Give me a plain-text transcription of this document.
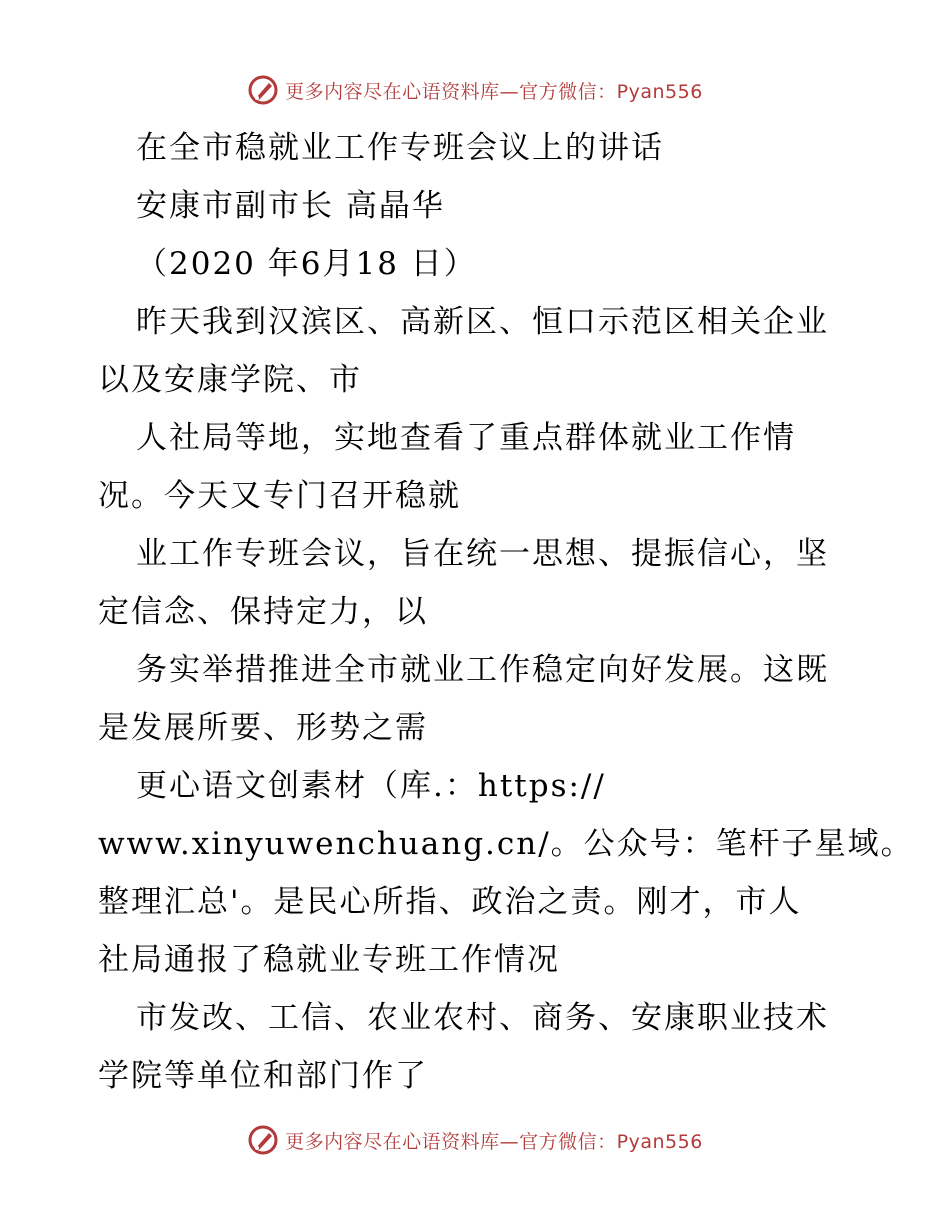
更多内容尽在心语资料库—官方微信：Pyan556
在全市稳就业工作专班会议上的讲话
安康市副市长 高晶华
（2020 年6月18 日）
昨天我到汉滨区、高新区、恒口示范区相关企业
以及安康学院、市
人社局等地，实地查看了重点群体就业工作情
况。今天又专门召开稳就
业工作专班会议，旨在统一思想、提振信心，坚
定信念、保持定力，以
务实举措推进全市就业工作稳定向好发展。这既
是发展所要、形势之需
更心语文创素材（库.：https://
www.xinyuwenchuang.cn/。公众号：笔杆子星域。
整理汇总'。是民心所指、政治之责。刚才，市人
社局通报了稳就业专班工作情况
市发改、工信、农业农村、商务、安康职业技术
学院等单位和部门作了
更多内容尽在心语资料库—官方微信：Pyan556
